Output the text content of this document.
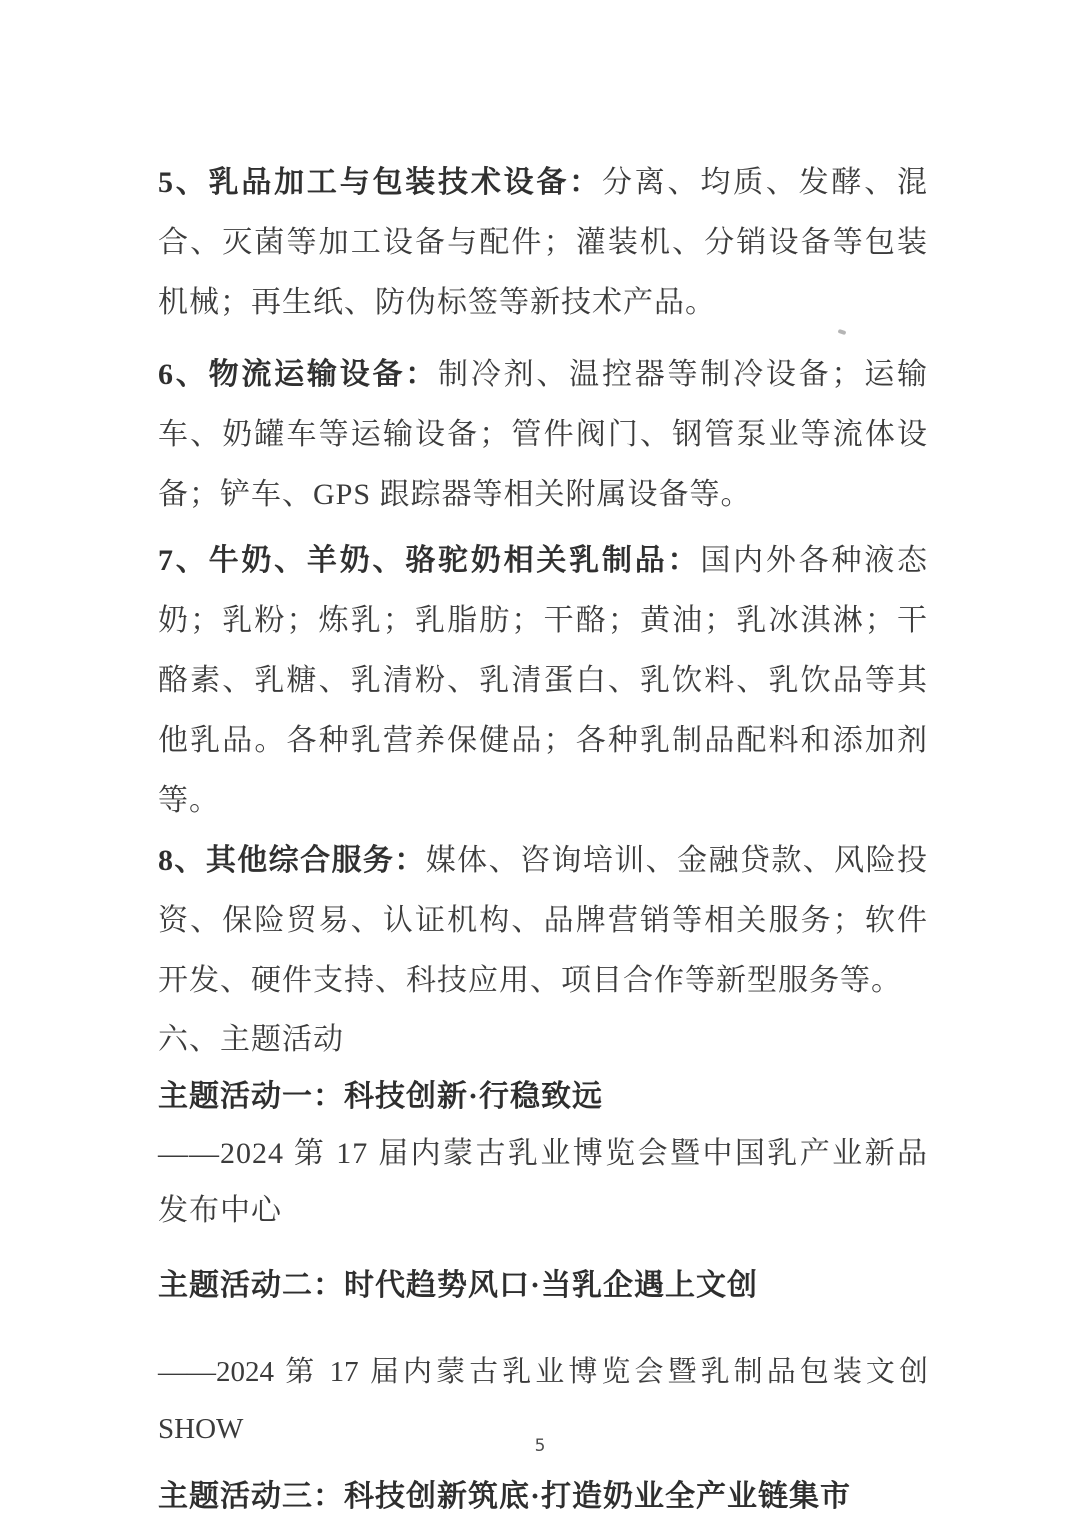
5、乳品加工与包装技术设备：分离、均质、发酵、混合、灭菌等加工设备与配件；灌装机、分销设备等包装机械；再生纸、防伪标签等新技术产品。

6、物流运输设备：制冷剂、温控器等制冷设备；运输车、奶罐车等运输设备；管件阀门、钢管泵业等流体设备；铲车、GPS 跟踪器等相关附属设备等。

7、牛奶、羊奶、骆驼奶相关乳制品：国内外各种液态奶；乳粉；炼乳；乳脂肪；干酪；黄油；乳冰淇淋；干酪素、乳糖、乳清粉、乳清蛋白、乳饮料、乳饮品等其他乳品。各种乳营养保健品；各种乳制品配料和添加剂等。

8、其他综合服务：媒体、咨询培训、金融贷款、风险投资、保险贸易、认证机构、品牌营销等相关服务；软件开发、硬件支持、科技应用、项目合作等新型服务等。

六、主题活动

主题活动一：科技创新·行稳致远

——2024 第 17 届内蒙古乳业博览会暨中国乳产业新品发布中心

主题活动二：时代趋势风口·当乳企遇上文创

——2024 第 17 届内蒙古乳业博览会暨乳制品包装文创 SHOW

主题活动三：科技创新筑底·打造奶业全产业链集市

5
